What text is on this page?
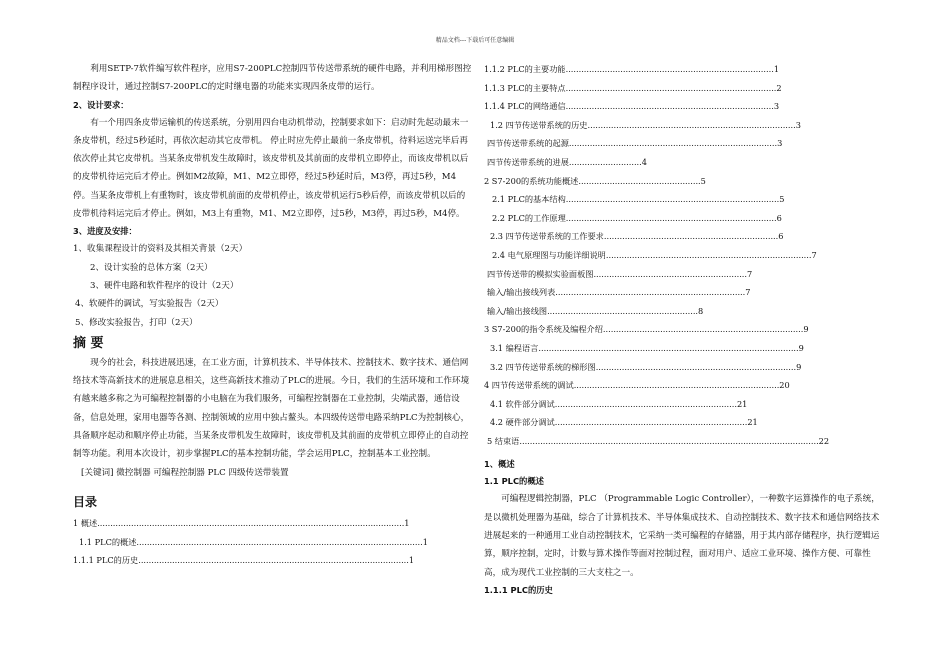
精品文档---下载后可任意编辑

利用SETP-7软件编写软件程序，应用S7-200PLC控制四节传送带系统的硬件电路，并利用梯形图控制程序设计，通过控制S7-200PLC的定时继电器的功能来实现四条皮带的运行。

2、设计要求：

有一个用四条皮带运输机的传送系统，分别用四台电动机带动，控制要求如下：启动时先起动最末一条皮带机，经过5秒延时，再依次起动其它皮带机。 停止时应先停止最前一条皮带机，待料运送完毕后再依次停止其它皮带机。当某条皮带机发生故障时，该皮带机及其前面的皮带机立即停止，而该皮带机以后的皮带机待运完后才停止。例如M2故障，M1、M2立即停，经过5秒延时后，M3停，再过5秒，M4停。当某条皮带机上有重物时，该皮带机前面的皮带机停止，该皮带机运行5秒后停，而该皮带机以后的皮带机待料运完后才停止。例如，M3上有重物，M1、M2立即停，过5秒，M3停，再过5秒，M4停。

3、进度及安排：

1、收集课程设计的资料及其相关背景（2天）

2、设计实验的总体方案（2天）

3、硬件电路和软件程序的设计（2天）

4、软硬件的调试，写实验报告（2天）

5、修改实验报告，打印（2天）

摘 要

现今的社会，科技进展迅速，在工业方面，计算机技术、半导体技术、控制技术、数字技术、通信网络技术等高新技术的进展息息相关，这些高新技术推动了PLC的进展。今日，我们的生活环境和工作环境有越来越多称之为可编程控制器的小电脑在为我们服务，可编程控制器在工业控制，尖端武器，通信设备，信息处理，家用电器等各测、控制领域的应用中独占鳌头。本四级传送带电路采纳PLC为控制核心，具备顺序起动和顺序停止功能，当某条皮带机发生故障时，该皮带机及其前面的皮带机立即停止的自动控制等功能。利用本次设计，初步掌握PLC的基本控制功能，学会运用PLC，控制基本工业控制。

[关键词] 微控制器 可编程控制器 PLC 四级传送带装置

目录

1 概述......................................................................................................................1

1.1 PLC的概述..............................................................................................................1

1.1.1 PLC的历史........................................................................................................1

1.1.2 PLC的主要功能................................................................................1

1.1.3 PLC的主要特点.................................................................................2

1.1.4 PLC的网络通信................................................................................3

1.2 四节传送带系统的历史................................................................................3

四节传送带系统的起源................................................................................3

四节传送带系统的进展............................4

2 S7-200的系统功能概述...............................................5

2.1 PLC的基本结构..................................................................................5

2.2 PLC的工作原理.................................................................................6

2.3 四节传送带系统的工作要求...................................................................6

2.4 电气原理图与功能详细说明...............................................................................7

四节传送带的模拟实验面板图...........................................................7

输入/输出接线列表.........................................................................7

输入/输出接线图..........................................................8

3 S7-200的指令系统及编程介绍.............................................................................9

3.1 编程语言....................................................................................................9

3.2 四节传送带系统的梯形图.............................................................................9

4 四节传送带系统的调试...............................................................................20

4.1 软件部分调试......................................................................21

4.2 硬件部分调试..........................................................................21

5 结束语...................................................................................................................22

1、概述

1.1 PLC的概述

可编程逻辑控制器，PLC （Programmable Logic Controller），一种数字运算操作的电子系统，是以微机处理器为基础，综合了计算机技术、半导体集成技术、自动控制技术、数字技术和通信网络技术进展起来的一种通用工业自动控制技术，它采纳一类可编程的存储器，用于其内部存储程序，执行逻辑运算，顺序控制，定时，计数与算术操作等面对控制过程，面对用户、适应工业环境、操作方便、可靠性高，成为现代工业控制的三大支柱之一。

1.1.1 PLC的历史
